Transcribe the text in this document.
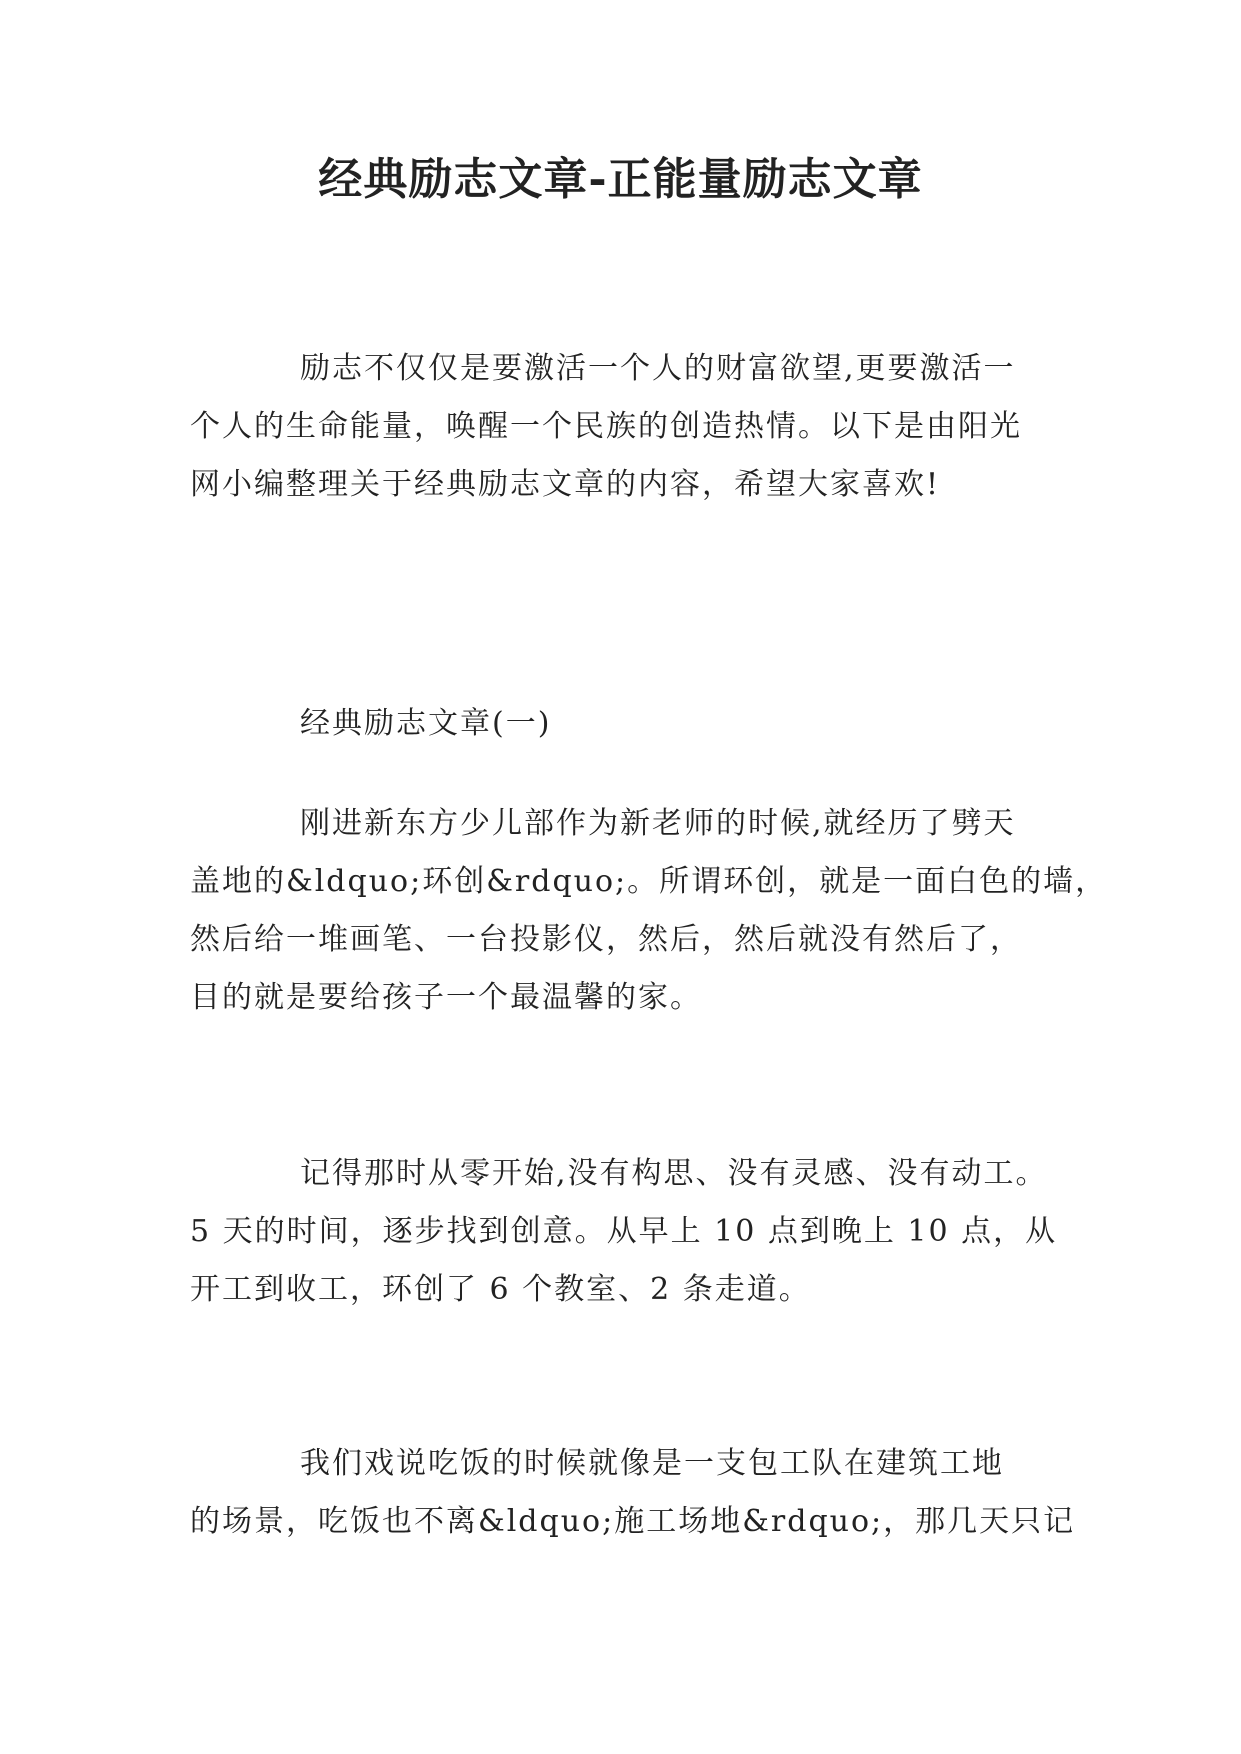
经典励志文章-正能量励志文章

励志不仅仅是要激活一个人的财富欲望,更要激活一
个人的生命能量，唤醒一个民族的创造热情。以下是由阳光
网小编整理关于经典励志文章的内容，希望大家喜欢!

经典励志文章(一)

刚进新东方少儿部作为新老师的时候,就经历了劈天
盖地的&ldquo;环创&rdquo;。所谓环创，就是一面白色的墙，
然后给一堆画笔、一台投影仪，然后，然后就没有然后了，
目的就是要给孩子一个最温馨的家。

记得那时从零开始,没有构思、没有灵感、没有动工。
5 天的时间，逐步找到创意。从早上 10 点到晚上 10 点，从
开工到收工，环创了 6 个教室、2 条走道。

我们戏说吃饭的时候就像是一支包工队在建筑工地
的场景，吃饭也不离&ldquo;施工场地&rdquo;，那几天只记
